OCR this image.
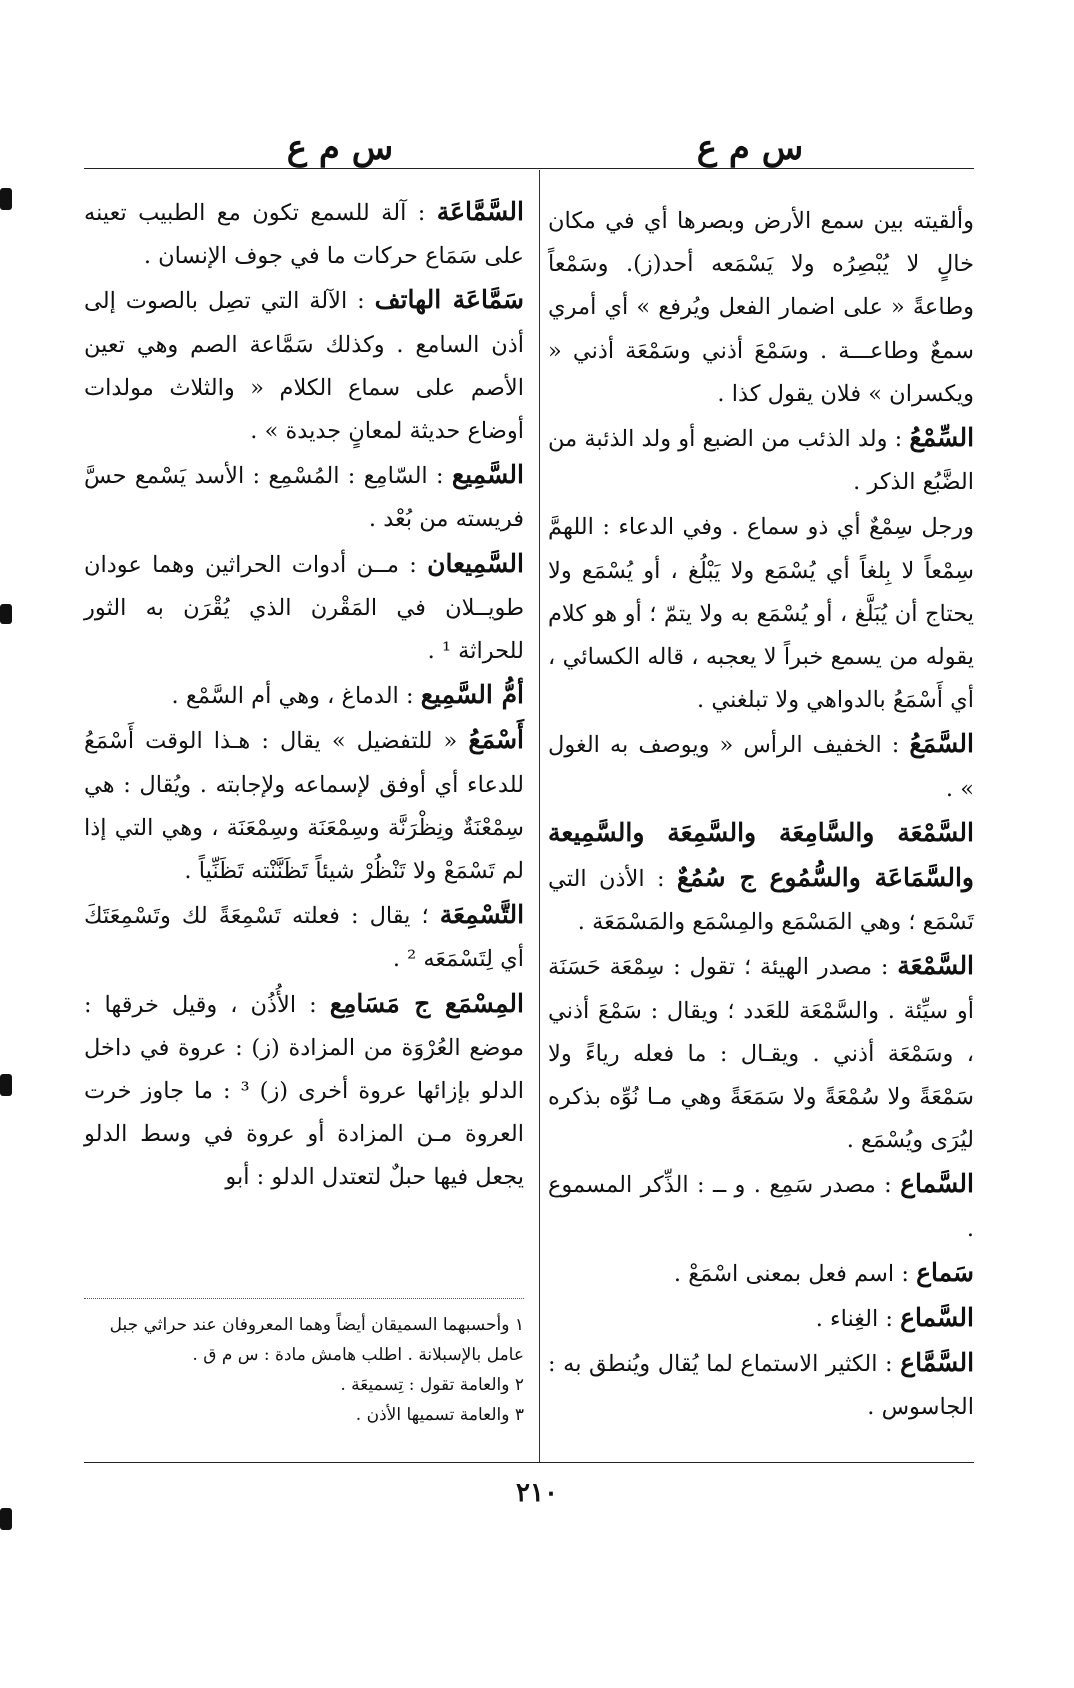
س م ع
س م ع

وألقيته بين سمع الأرض وبصرها أي في مكان خالٍ لا يُبْصِرُه ولا يَسْمَعه أحد(ز). وسَمْعاً وطاعةً « على اضمار الفعل ويُرفع » أي أمري سمعٌ وطاعـــة . وسَمْعَ أذني وسَمْعَة أذني « ويكسران » فلان يقول كذا .

السِّمْعُ : ولد الذئب من الضبع أو ولد الذئبة من الضَّبُع الذكر .

ورجل سِمْعٌ أي ذو سماع . وفي الدعاء : اللهمَّ سِمْعاً لا بِلغاً أي يُسْمَع ولا يَبْلُغ ، أو يُسْمَع ولا يحتاج أن يُبَلَّغ ، أو يُسْمَع به ولا يتمّ ؛ أو هو كلام يقوله من يسمع خبراً لا يعجبه ، قاله الكسائي ، أي أَسْمَعُ بالدواهي ولا تبلغني .

السَّمَعُ : الخفيف الرأس « ويوصف به الغول » .

السَّمْعَة والسَّامِعَة والسَّمِعَة والسَّمِيعة والسَّمَاعَة والسُّمُوع ج سُمُعٌ : الأذن التي تَسْمَع ؛ وهي المَسْمَع والمِسْمَع والمَسْمَعَة .

السَّمْعَة : مصدر الهيئة ؛ تقول : سِمْعَة حَسَنَة أو سيِّئة . والسَّمْعَة للعَدد ؛ ويقال : سَمْعَ أذني ، وسَمْعَة أذني . ويقـال : ما فعله رياءً ولا سَمْعَةً ولا سُمْعَةً ولا سَمَعَةً وهي مـا نُوِّه بذكره ليُرَى ويُسْمَع .

السَّماع : مصدر سَمِع . و ــ : الذِّكر المسموع .

سَماع : اسم فعل بمعنى اسْمَعْ .

السَّماع : الغِناء .

السَّمَّاع : الكثير الاستماع لما يُقال ويُنطق به : الجاسوس .

السَّمَّاعَة : آلة للسمع تكون مع الطبيب تعينه على سَمَاع حركات ما في جوف الإنسان .

سَمَّاعَة الهاتف : الآلة التي تصِل بالصوت إلى أذن السامع . وكذلك سَمَّاعة الصم وهي تعين الأصم على سماع الكلام « والثلاث مولدات أوضاع حديثة لمعانٍ جديدة » .

السَّمِيع : السّامِع : المُسْمِع : الأسد يَسْمع حسَّ فريسته من بُعْد .

السَّمِيعان : مــن أدوات الحراثين وهما عودان طويــلان في المَقْرن الذي يُقْرَن به الثور للحراثة ¹ .

أمُّ السَّمِيع : الدماغ ، وهي أم السَّمْع .

أَسْمَعُ « للتفضيل » يقال : هـذا الوقت أَسْمَعُ للدعاء أي أوفق لإسماعه ولإجابته . ويُقال : هي سِمْعْنَةٌ ونِظْرَنَّة وسِمْعَنَة وسِمْعَنَة ، وهي التي إذا لم تَسْمَعْ ولا تَنْظُرْ شيئاً تَظَنَّنْته تَظَنِّياً .

التَّسْمِعَة ؛ يقال : فعلته تَسْمِعَةً لك وتَسْمِعَتَكَ أي لِتَسْمَعَه ² .

المِسْمَع ج مَسَامِع : الأُذُن ، وقيل خرقها : موضع العُرْوَة من المزادة (ز) : عروة في داخل الدلو بإزائها عروة أخرى (ز) ³ : ما جاوز خرت العروة مـن المزادة أو عروة في وسط الدلو يجعل فيها حبلٌ لتعتدل الدلو : أبو

١ وأحسبهما السميقان أيضاً وهما المعروفان عند حراثي جبل عامل بالإسبلانة . اطلب هامش مادة : س م ق .

٢ والعامة تقول : تِسميعَة .

٣ والعامة تسميها الأذن .

٢١٠
